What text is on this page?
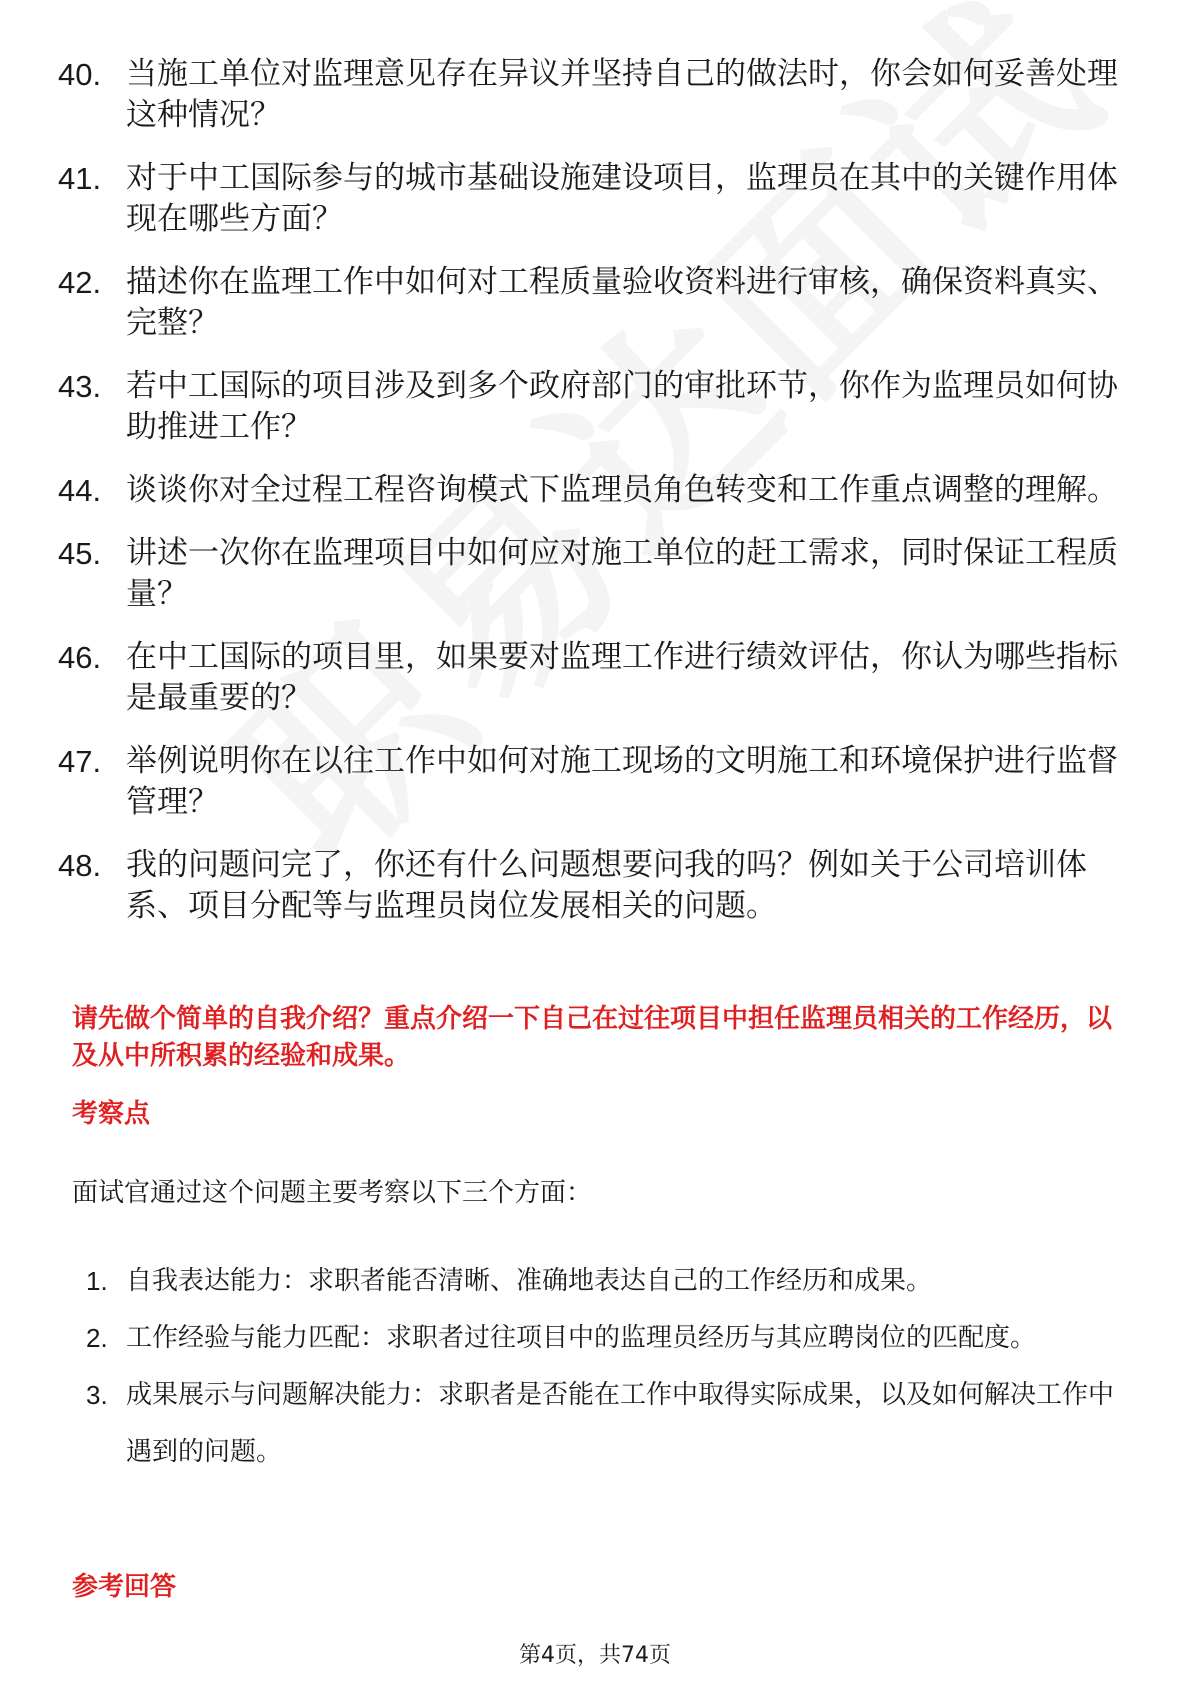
40. 当施工单位对监理意见存在异议并坚持自己的做法时，你会如何妥善处理这种情况？
41. 对于中工国际参与的城市基础设施建设项目，监理员在其中的关键作用体现在哪些方面？
42. 描述你在监理工作中如何对工程质量验收资料进行审核，确保资料真实、完整？
43. 若中工国际的项目涉及到多个政府部门的审批环节，你作为监理员如何协助推进工作？
44. 谈谈你对全过程工程咨询模式下监理员角色转变和工作重点调整的理解。
45. 讲述一次你在监理项目中如何应对施工单位的赶工需求，同时保证工程质量？
46. 在中工国际的项目里，如果要对监理工作进行绩效评估，你认为哪些指标是最重要的？
47. 举例说明你在以往工作中如何对施工现场的文明施工和环境保护进行监督管理？
48. 我的问题问完了，你还有什么问题想要问我的吗？例如关于公司培训体系、项目分配等与监理员岗位发展相关的问题。

请先做个简单的自我介绍？重点介绍一下自己在过往项目中担任监理员相关的工作经历，以及从中所积累的经验和成果。

考察点

面试官通过这个问题主要考察以下三个方面：

1. 自我表达能力：求职者能否清晰、准确地表达自己的工作经历和成果。
2. 工作经验与能力匹配：求职者过往项目中的监理员经历与其应聘岗位的匹配度。
3. 成果展示与问题解决能力：求职者是否能在工作中取得实际成果，以及如何解决工作中遇到的问题。
参考回答
第4页，共74页
